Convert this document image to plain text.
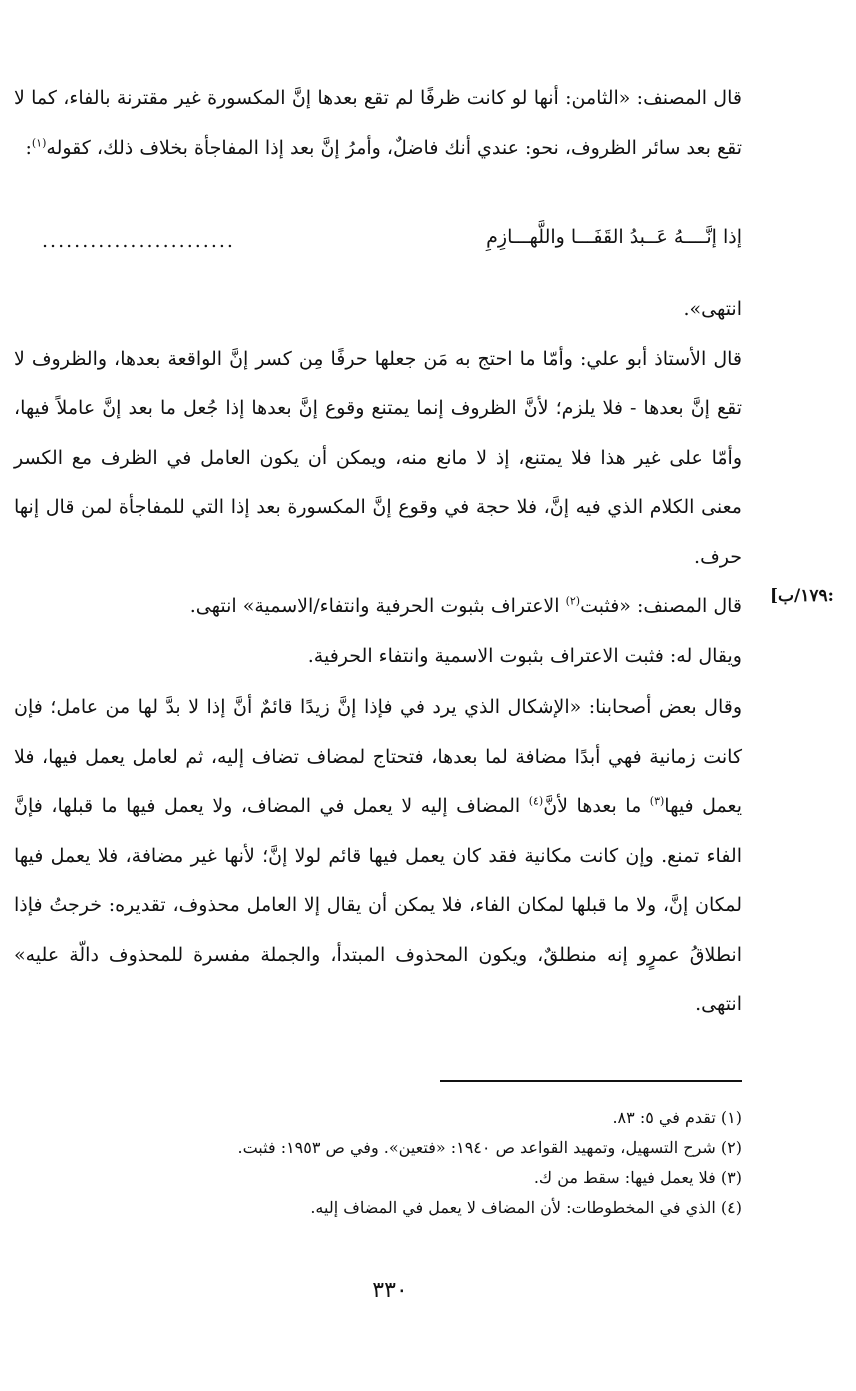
قال المصنف: «الثامن: أنها لو كانت ظرفًا لم تقع بعدها إنَّ المكسورة غير مقترنة بالفاء، كما لا تقع بعد سائر الظروف، نحو: عندي أنك فاضلٌ، وأمرُ إنَّ بعد إذا المفاجأة بخلاف ذلك، كقوله$^{(١)}$:

إذا إنَّــــهُ عَــبدُ القَفَـــا واللَّهـــازِمِ
........................

انتهى».

قال الأستاذ أبو علي: وأمّا ما احتج به مَن جعلها حرفًا مِن كسر إنَّ الواقعة بعدها، والظروف لا تقع إنَّ بعدها - فلا يلزم؛ لأنَّ الظروف إنما يمتنع وقوع إنَّ بعدها إذا جُعل ما بعد إنَّ عاملاً فيها، وأمّا على غير هذا فلا يمتنع، إذ لا مانع منه، ويمكن أن يكون العامل في الظرف مع الكسر معنى الكلام الذي فيه إنَّ، فلا حجة في وقوع إنَّ المكسورة بعد إذا التي للمفاجأة لمن قال إنها حرف.

قال المصنف: «فثبت$^{(٢)}$ الاعتراف بثبوت الحرفية وانتفاء/الاسمية» انتهى.

ويقال له: فثبت الاعتراف بثبوت الاسمية وانتفاء الحرفية.

وقال بعض أصحابنا: «الإشكال الذي يرد في فإذا إنَّ زيدًا قائمٌ أنَّ إذا لا بدَّ لها من عامل؛ فإن كانت زمانية فهي أبدًا مضافة لما بعدها، فتحتاج لمضاف تضاف إليه، ثم لعامل يعمل فيها، فلا يعمل فيها$^{(٣)}$ ما بعدها لأنَّ$^{(٤)}$ المضاف إليه لا يعمل في المضاف، ولا يعمل فيها ما قبلها، فإنَّ الفاء تمنع. وإن كانت مكانية فقد كان يعمل فيها قائم لولا إنَّ؛ لأنها غير مضافة، فلا يعمل فيها لمكان إنَّ، ولا ما قبلها لمكان الفاء، فلا يمكن أن يقال إلا العامل محذوف، تقديره: خرجتُ فإذا انطلاقُ عمرٍو إنه منطلقٌ، ويكون المحذوف المبتدأ، والجملة مفسرة للمحذوف دالّة عليه» انتهى.

:١٧٩/ب]
(١) تقدم في ٥: ٨٣.
(٢) شرح التسهيل، وتمهيد القواعد ص ١٩٤٠: «فتعين». وفي ص ١٩٥٣: فثبت.
(٣) فلا يعمل فيها: سقط من ك.
(٤) الذي في المخطوطات: لأن المضاف لا يعمل في المضاف إليه.
٣٣٠
